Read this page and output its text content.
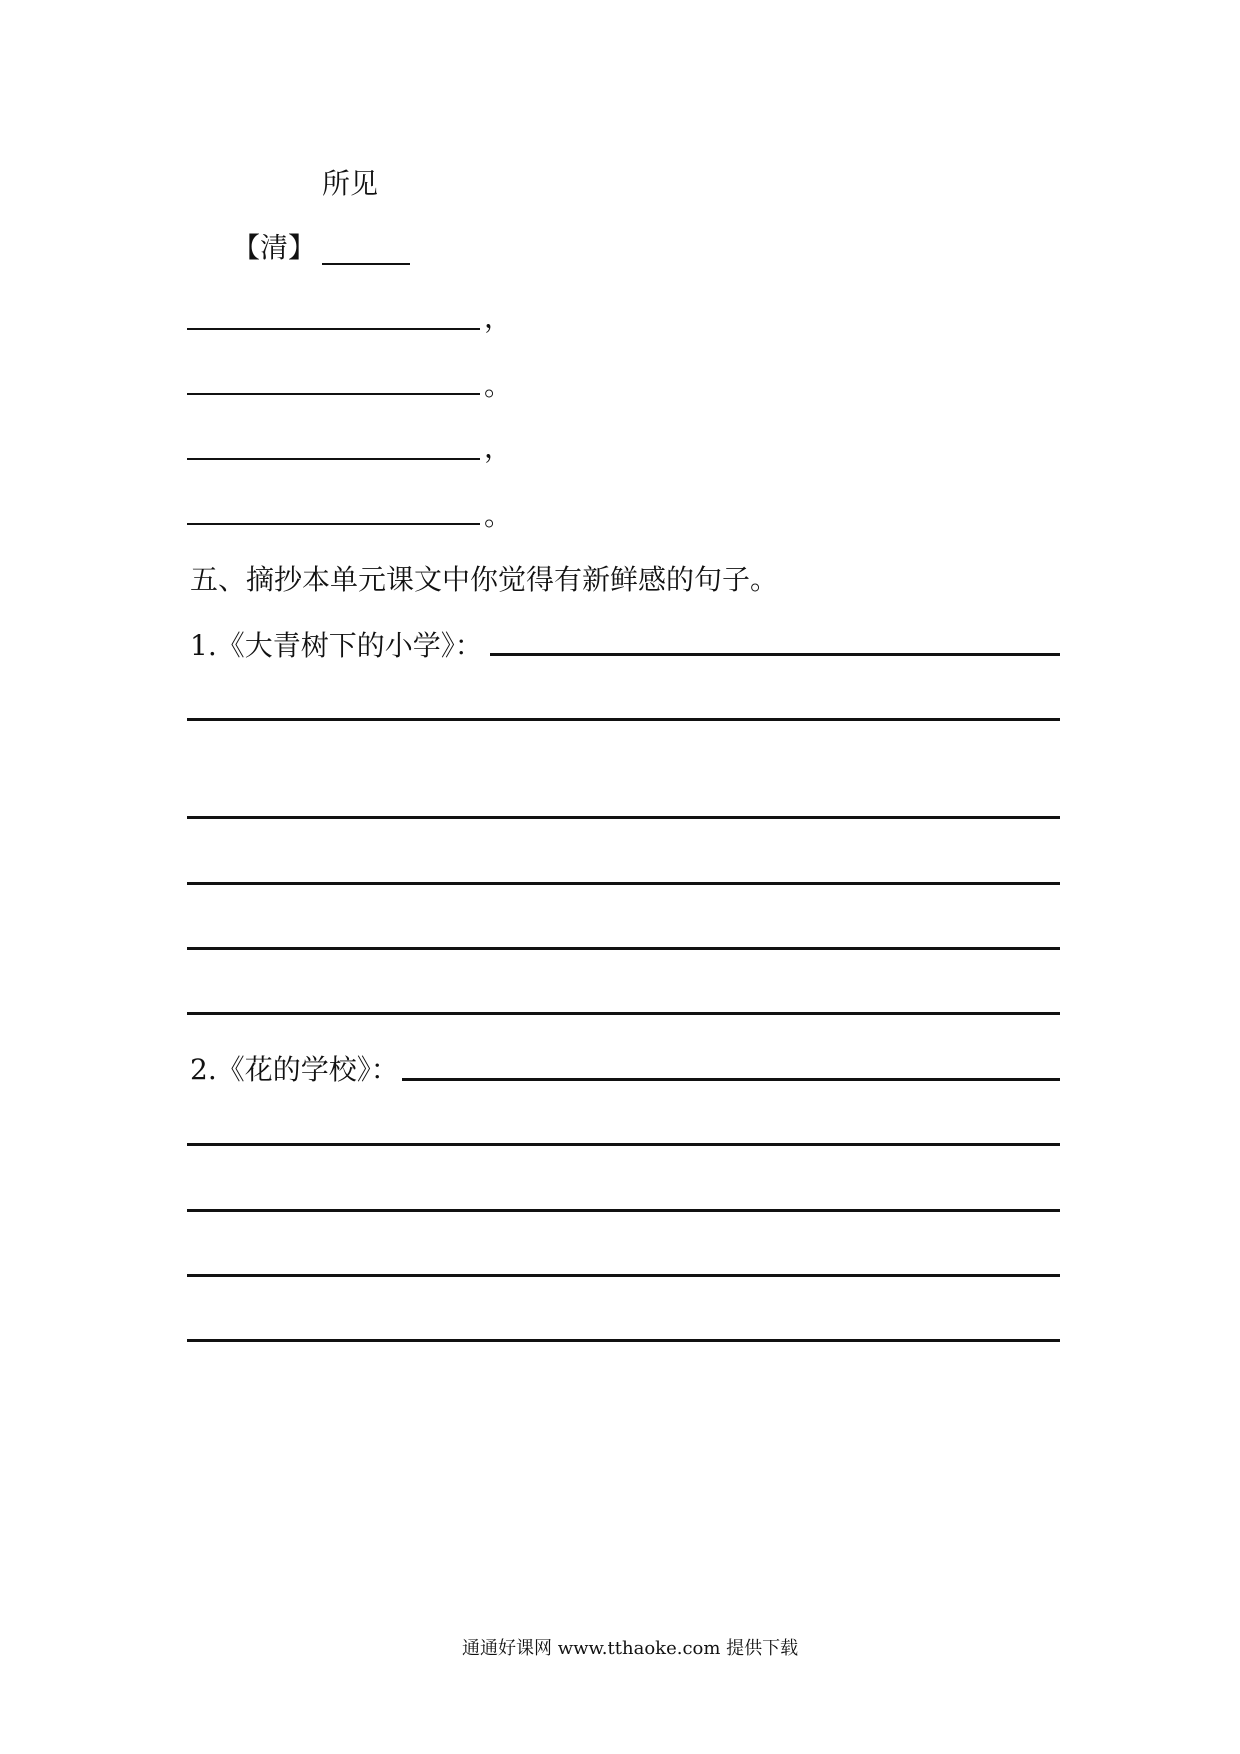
所见
【清】
，
。
，
。
五、摘抄本单元课文中你觉得有新鲜感的句子。
1.《大青树下的小学》：
2.《花的学校》：
通通好课网 www.tthaoke.com 提供下载
